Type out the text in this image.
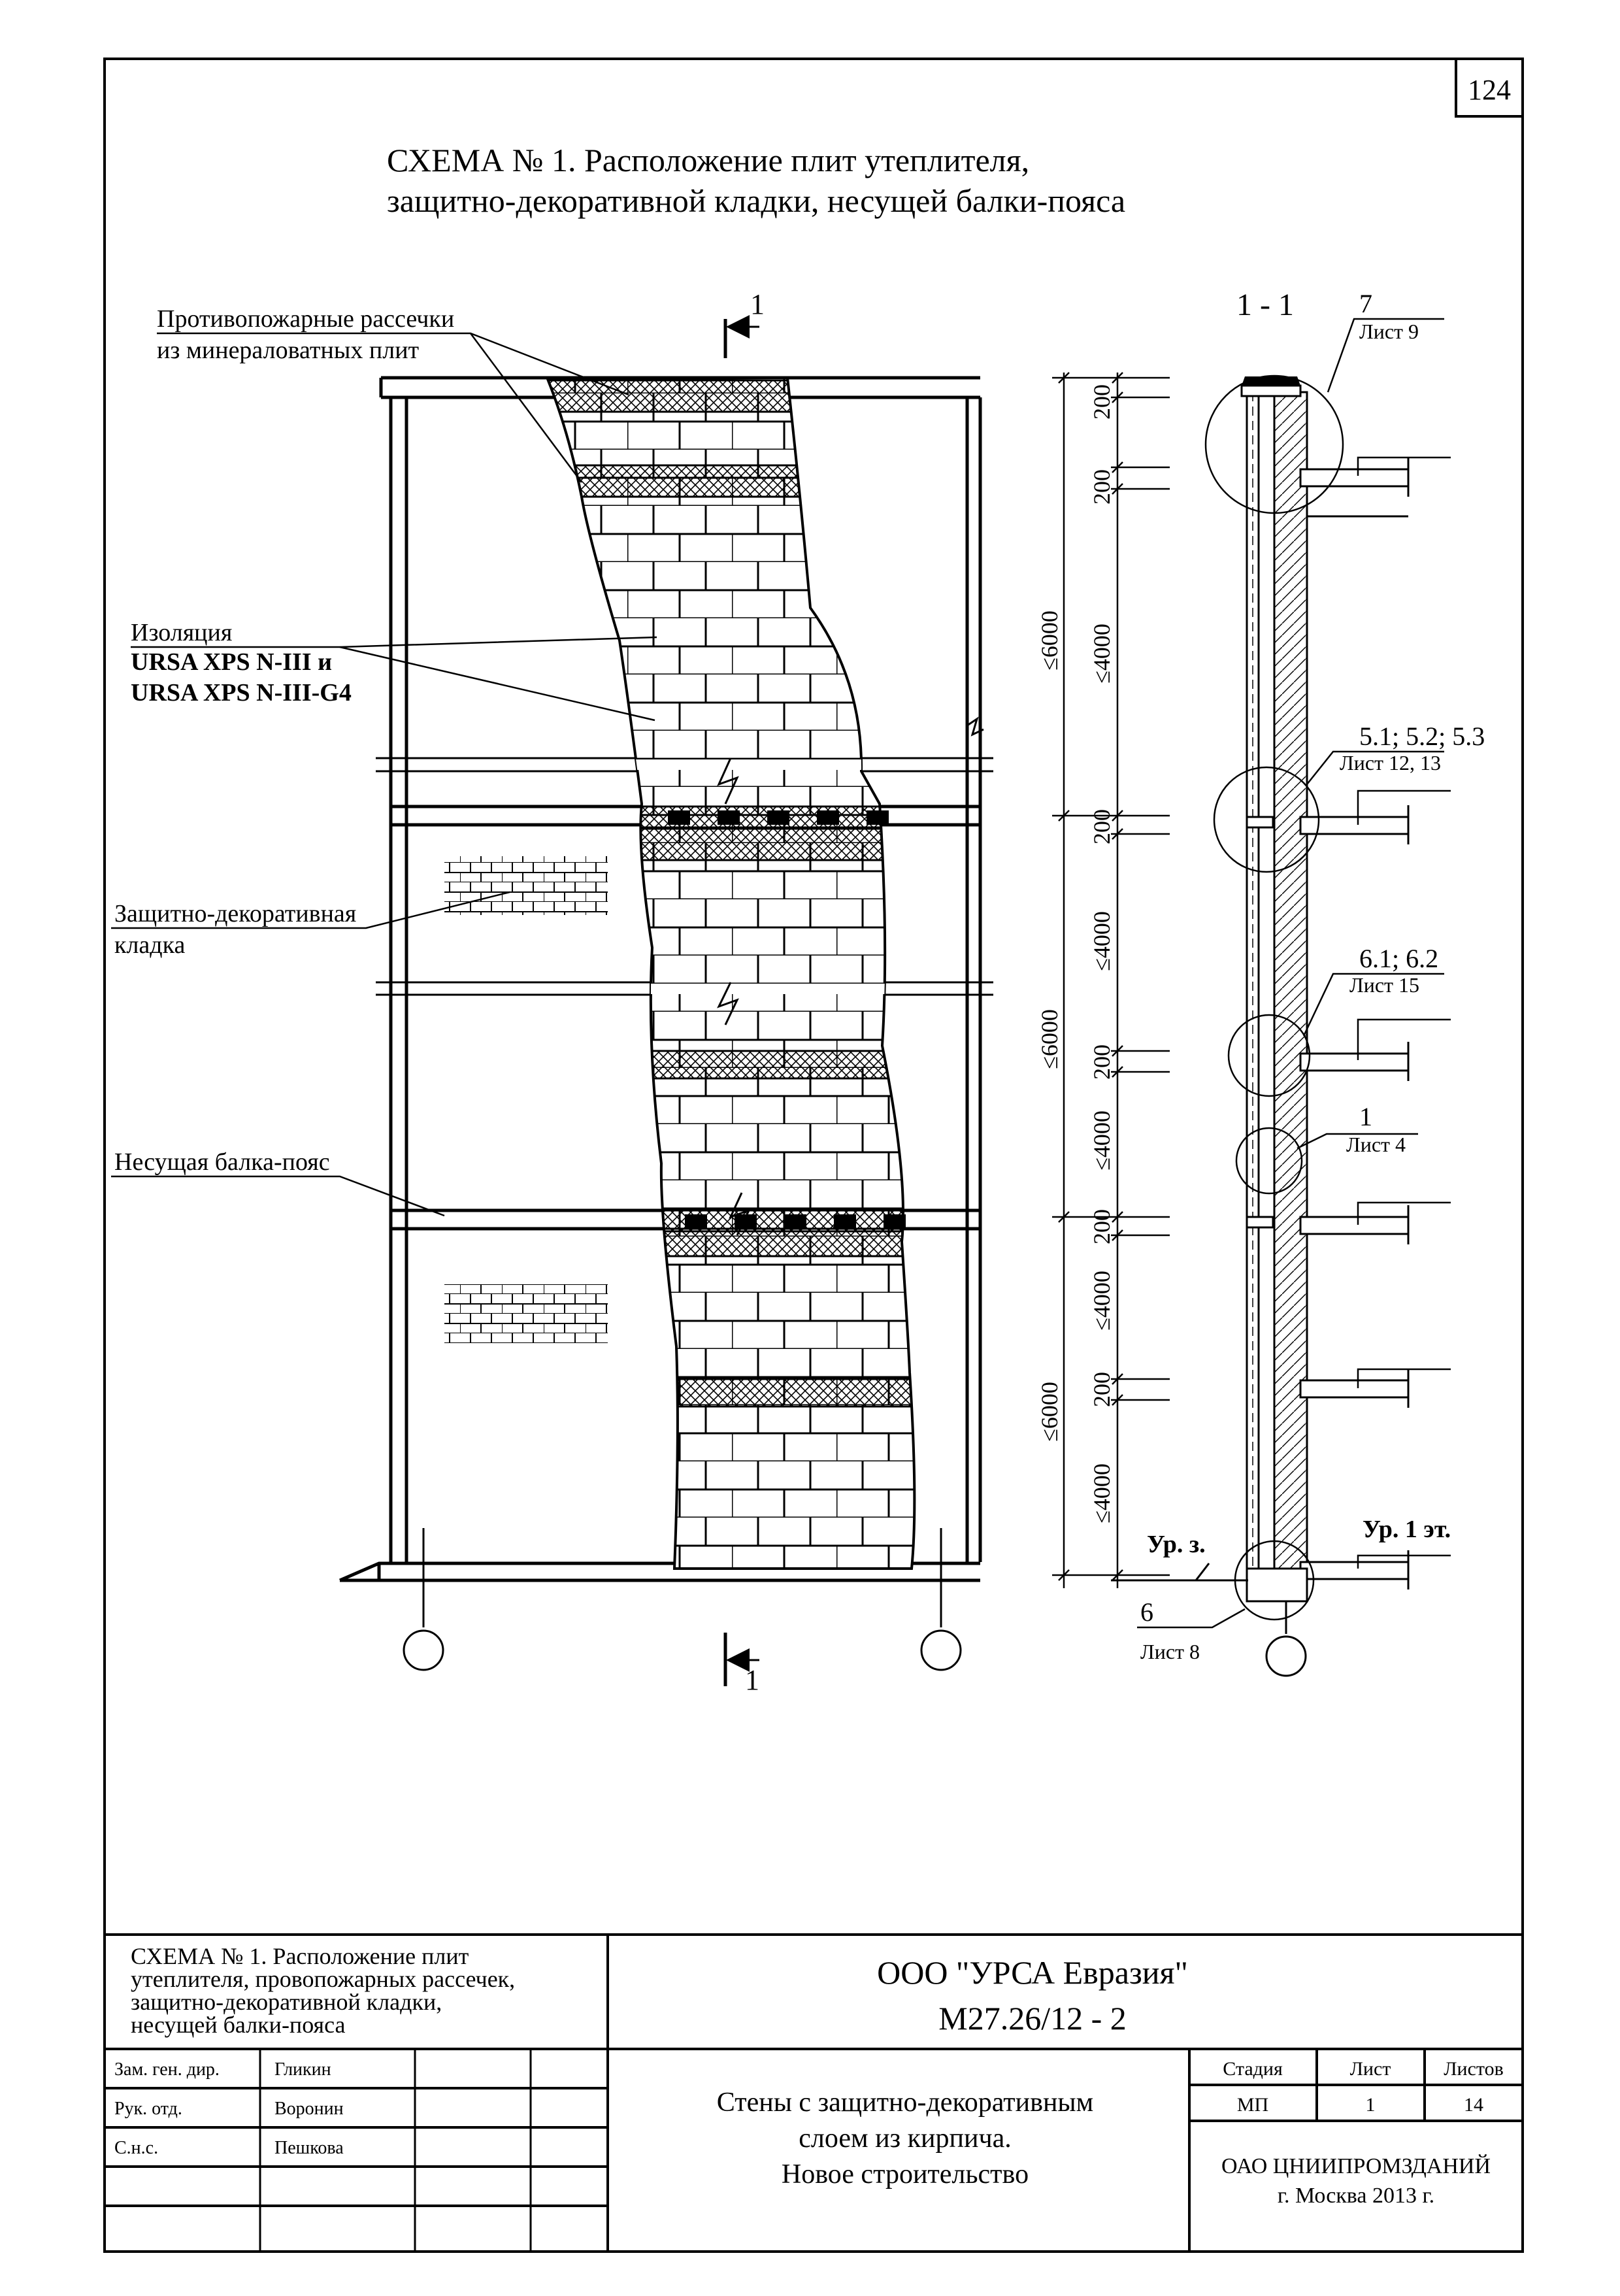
124
СХЕМА № 1. Расположение плит утеплителя,
защитно-декоративной кладки, несущей балки-пояса
1
1
Противопожарные рассечки
из минераловатных плит
Изоляция
URSA XPS N-III и
URSA XPS N-III-G4
Защитно-декоративная
кладка
Несущая балка-пояс
≤6000
≤6000
≤6000
200
200
≤4000
200
≤4000
200
≤4000
200
≤4000
200
≤4000
1 - 1
Ур. з.
Ур. 1 эт.
7
Лист 9
5.1; 5.2; 5.3
Лист 12, 13
6.1; 6.2
Лист 15
1
Лист 4
6
Лист 8
СХЕМА № 1. Расположение плит
утеплителя, провопожарных рассечек,
защитно-декоративной кладки,
несущей балки-пояса
ООО "УРСА Евразия"
М27.26/12 - 2
Зам. ген. дир.	Гликин
Рук. отд.	Воронин
С.н.с.	Пешкова
Стены с защитно-декоративным
слоем из кирпича.
Новое строительство
Стадия	Лист	Листов
МП	1	14
ОАО ЦНИИПРОМЗДАНИЙ
г. Москва 2013 г.
